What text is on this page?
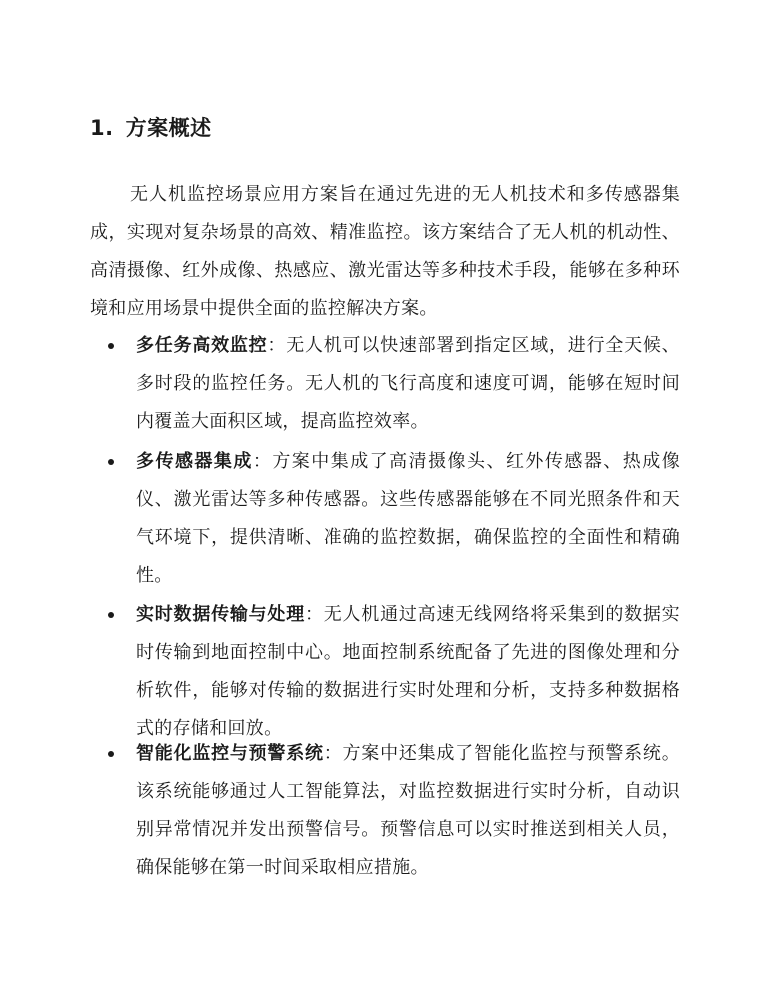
1. 方案概述

无人机监控场景应用方案旨在通过先进的无人机技术和多传感器集成，实现对复杂场景的高效、精准监控。该方案结合了无人机的机动性、高清摄像、红外成像、热感应、激光雷达等多种技术手段，能够在多种环境和应用场景中提供全面的监控解决方案。

多任务高效监控：无人机可以快速部署到指定区域，进行全天候、多时段的监控任务。无人机的飞行高度和速度可调，能够在短时间内覆盖大面积区域，提高监控效率。
多传感器集成：方案中集成了高清摄像头、红外传感器、热成像仪、激光雷达等多种传感器。这些传感器能够在不同光照条件和天气环境下，提供清晰、准确的监控数据，确保监控的全面性和精确性。
实时数据传输与处理：无人机通过高速无线网络将采集到的数据实时传输到地面控制中心。地面控制系统配备了先进的图像处理和分析软件，能够对传输的数据进行实时处理和分析，支持多种数据格式的存储和回放。
智能化监控与预警系统：方案中还集成了智能化监控与预警系统。该系统能够通过人工智能算法，对监控数据进行实时分析，自动识别异常情况并发出预警信号。预警信息可以实时推送到相关人员，确保能够在第一时间采取相应措施。
